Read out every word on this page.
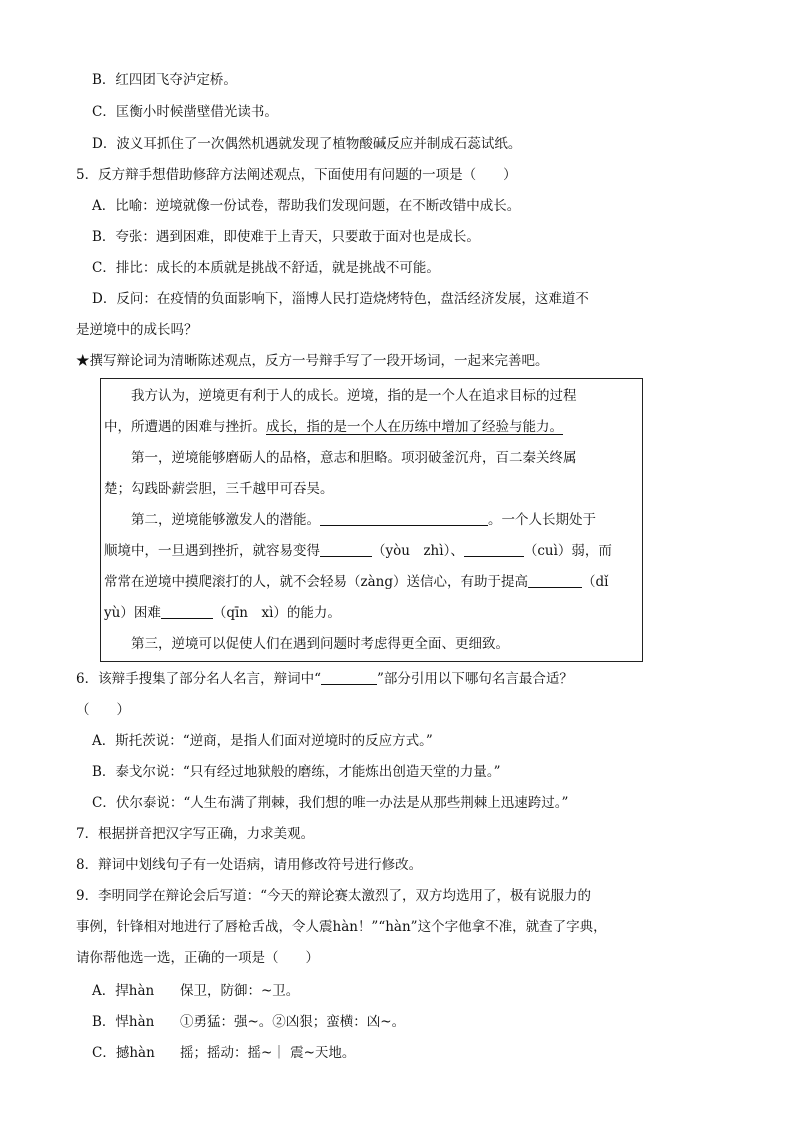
B．红四团飞夺泸定桥。
C．匡衡小时候凿壁借光读书。
D．波义耳抓住了一次偶然机遇就发现了植物酸碱反应并制成石蕊试纸。
5．反方辩手想借助修辞方法阐述观点，下面使用有问题的一项是（　　）
A．比喻：逆境就像一份试卷，帮助我们发现问题，在不断改错中成长。
B．夸张：遇到困难，即使难于上青天，只要敢于面对也是成长。
C．排比：成长的本质就是挑战不舒适，就是挑战不可能。
D．反问：在疫情的负面影响下，淄博人民打造烧烤特色，盘活经济发展，这难道不
是逆境中的成长吗？
★撰写辩论词为清晰陈述观点，反方一号辩手写了一段开场词，一起来完善吧。
我方认为，逆境更有利于人的成长。逆境，指的是一个人在追求目标的过程
中，所遭遇的困难与挫折。成长，指的是一个人在历练中增加了经验与能力。
第一，逆境能够磨砺人的品格，意志和胆略。项羽破釜沉舟，百二秦关终属
楚；勾践卧薪尝胆，三千越甲可吞吴。
第二，逆境能够激发人的潜能。	。一个人长期处于
顺境中，一旦遇到挫折，就容易变得	（yòu　zhì）、	（cuì）弱，而
常常在逆境中摸爬滚打的人，就不会轻易（zàng）送信心，有助于提高	（dǐ
yù）困难	（qīn　xì）的能力。
第三，逆境可以促使人们在遇到问题时考虑得更全面、更细致。
6．该辩手搜集了部分名人名言，辩词中“	”部分引用以下哪句名言最合适？
（　　）
A．斯托茨说：“逆商，是指人们面对逆境时的反应方式。”
B．泰戈尔说：“只有经过地狱般的磨练，才能炼出创造天堂的力量。”
C．伏尔泰说：“人生布满了荆棘，我们想的唯一办法是从那些荆棘上迅速跨过。”
7．根据拼音把汉字写正确，力求美观。
8．辩词中划线句子有一处语病，请用修改符号进行修改。
9．李明同学在辩论会后写道：“今天的辩论赛太激烈了，双方均选用了，极有说服力的
事例，针锋相对地进行了唇枪舌战，令人震hàn！”“hàn”这个字他拿不准，就查了字典，
请你帮他选一选，正确的一项是（　　）
A．捍hàn 保卫，防御：~卫。
B．悍hàn ①勇猛：强~。②凶狠；蛮横：凶~。
C．撼hàn 摇；摇动：摇~｜ 震~天地。
